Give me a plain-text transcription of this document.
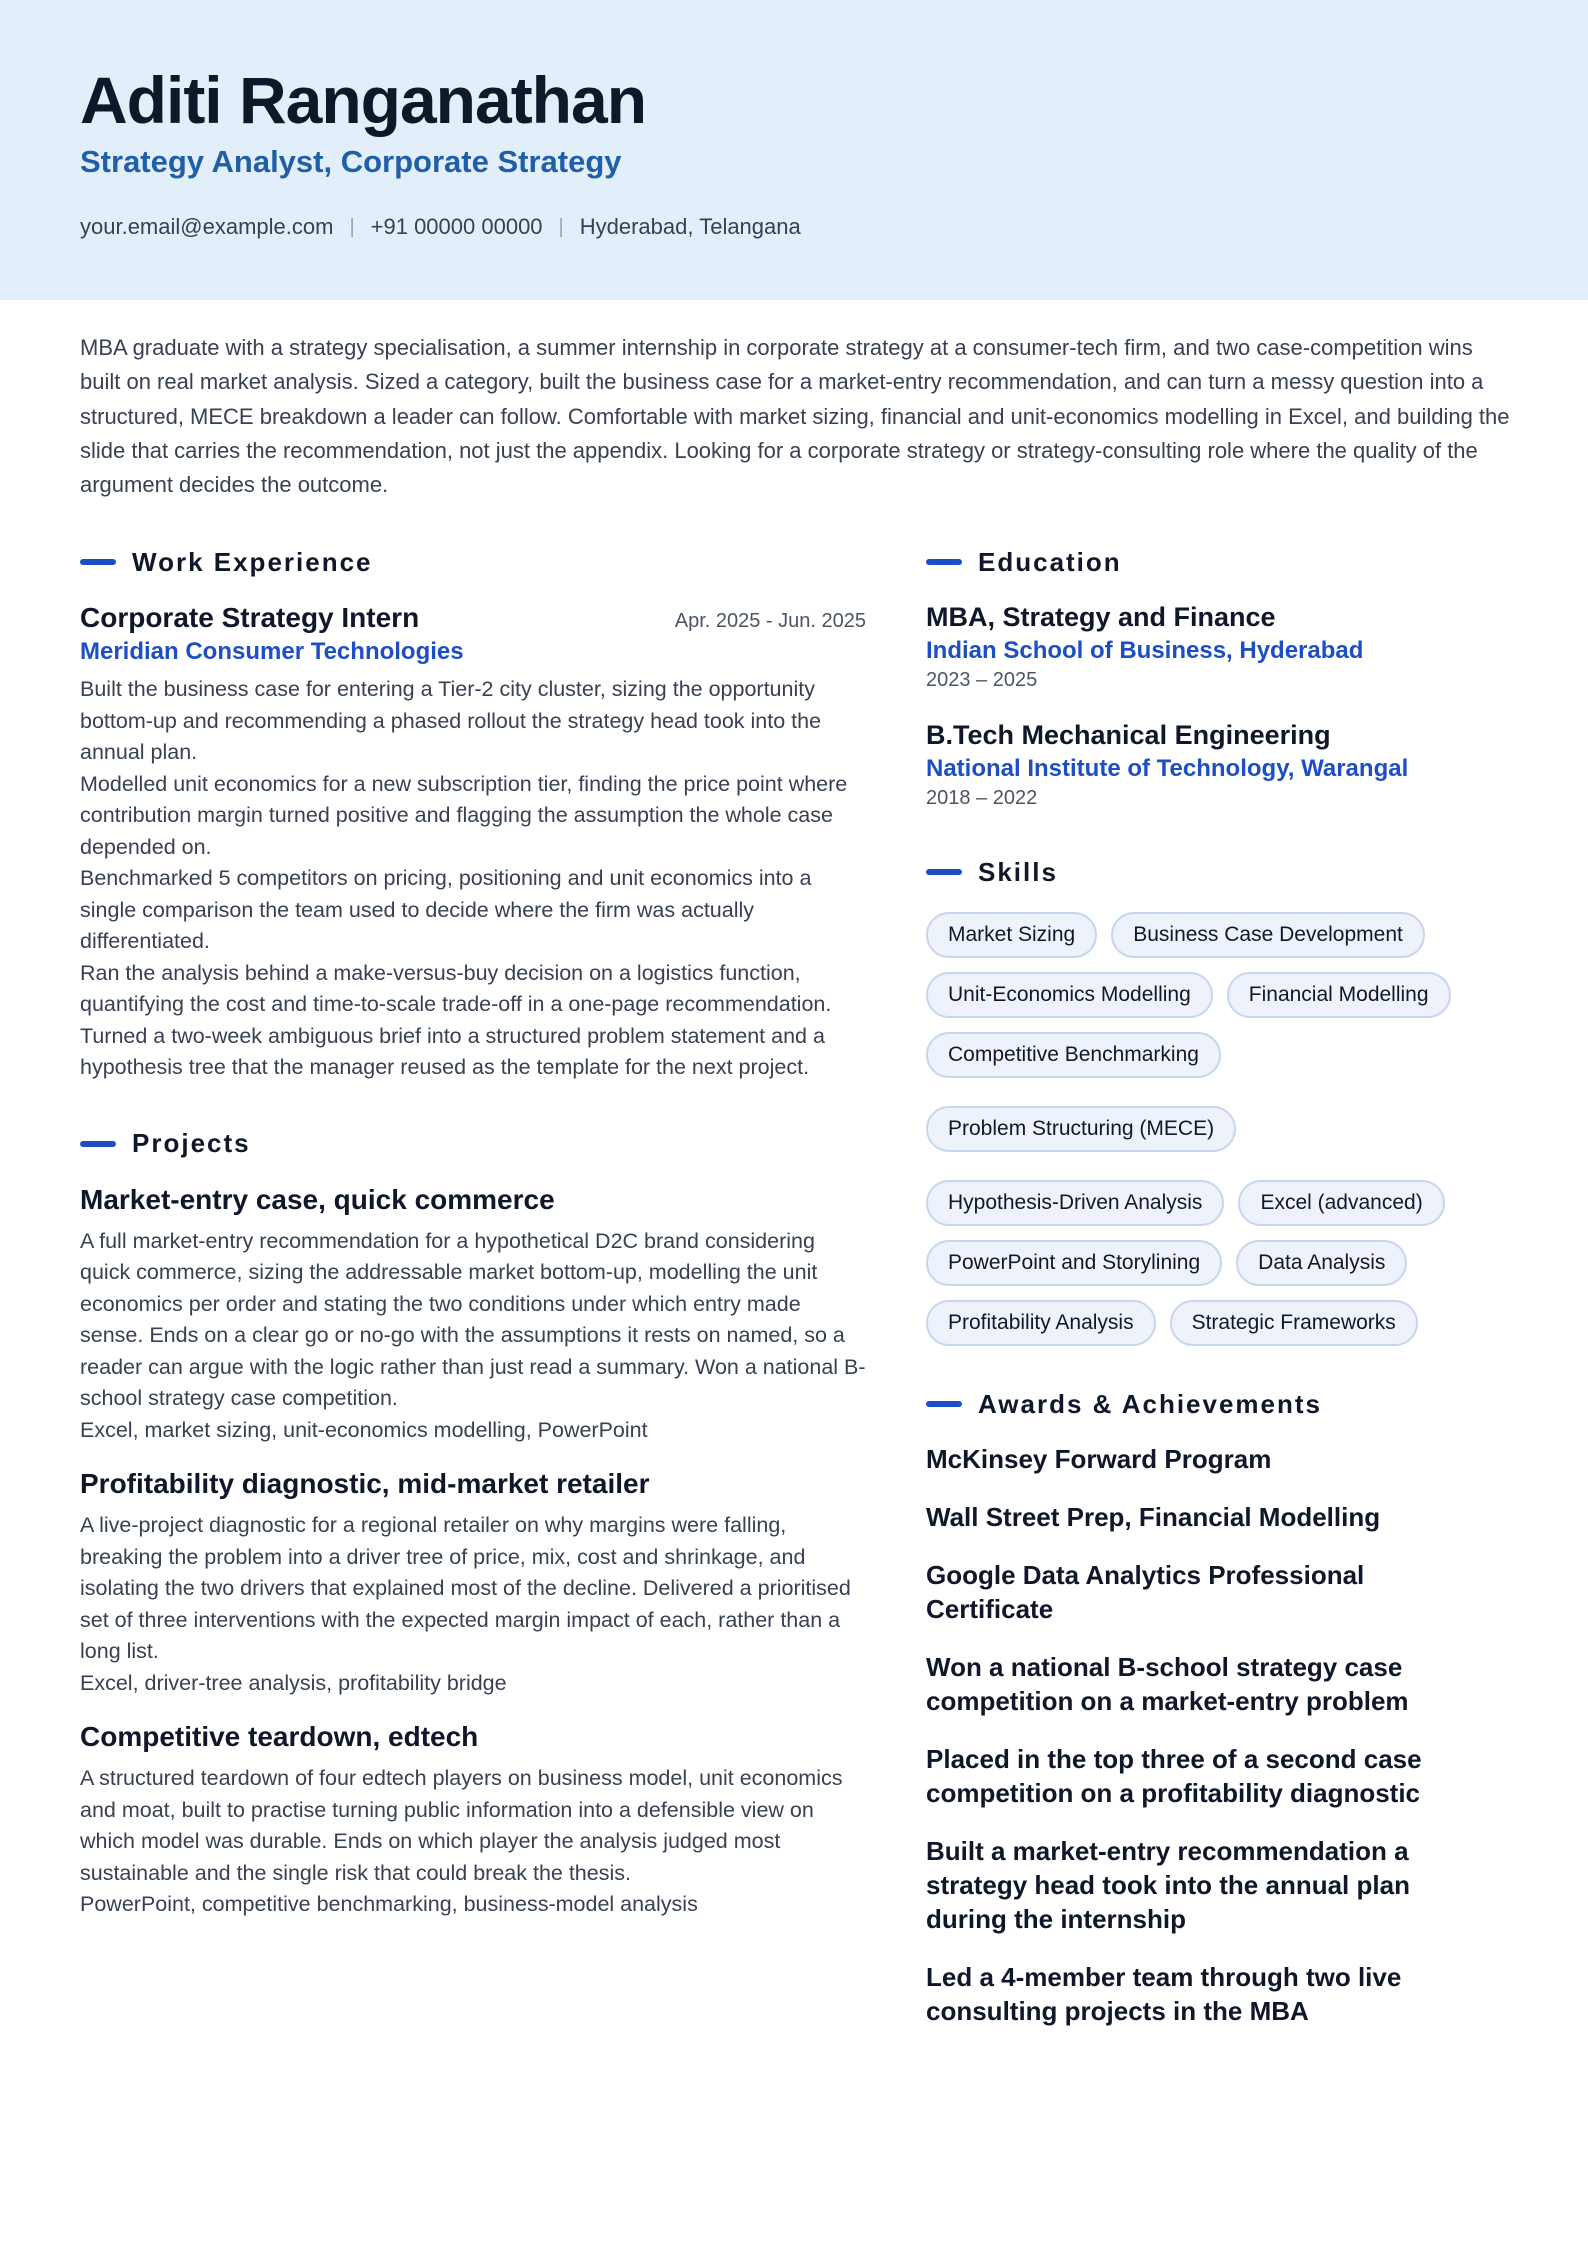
Aditi Ranganathan
Strategy Analyst, Corporate Strategy
your.email@example.com | +91 00000 00000 | Hyderabad, Telangana
MBA graduate with a strategy specialisation, a summer internship in corporate strategy at a consumer-tech firm, and two case-competition wins built on real market analysis. Sized a category, built the business case for a market-entry recommendation, and can turn a messy question into a structured, MECE breakdown a leader can follow. Comfortable with market sizing, financial and unit-economics modelling in Excel, and building the slide that carries the recommendation, not just the appendix. Looking for a corporate strategy or strategy-consulting role where the quality of the argument decides the outcome.
Work Experience
Corporate Strategy Intern	Apr. 2025 - Jun. 2025
Meridian Consumer Technologies
Built the business case for entering a Tier-2 city cluster, sizing the opportunity bottom-up and recommending a phased rollout the strategy head took into the annual plan.
Modelled unit economics for a new subscription tier, finding the price point where contribution margin turned positive and flagging the assumption the whole case depended on.
Benchmarked 5 competitors on pricing, positioning and unit economics into a single comparison the team used to decide where the firm was actually differentiated.
Ran the analysis behind a make-versus-buy decision on a logistics function, quantifying the cost and time-to-scale trade-off in a one-page recommendation.
Turned a two-week ambiguous brief into a structured problem statement and a hypothesis tree that the manager reused as the template for the next project.
Projects
Market-entry case, quick commerce
A full market-entry recommendation for a hypothetical D2C brand considering quick commerce, sizing the addressable market bottom-up, modelling the unit economics per order and stating the two conditions under which entry made sense. Ends on a clear go or no-go with the assumptions it rests on named, so a reader can argue with the logic rather than just read a summary. Won a national B-school strategy case competition.
Excel, market sizing, unit-economics modelling, PowerPoint
Profitability diagnostic, mid-market retailer
A live-project diagnostic for a regional retailer on why margins were falling, breaking the problem into a driver tree of price, mix, cost and shrinkage, and isolating the two drivers that explained most of the decline. Delivered a prioritised set of three interventions with the expected margin impact of each, rather than a long list.
Excel, driver-tree analysis, profitability bridge
Competitive teardown, edtech
A structured teardown of four edtech players on business model, unit economics and moat, built to practise turning public information into a defensible view on which model was durable. Ends on which player the analysis judged most sustainable and the single risk that could break the thesis.
PowerPoint, competitive benchmarking, business-model analysis
Education
MBA, Strategy and Finance
Indian School of Business, Hyderabad
2023 – 2025
B.Tech Mechanical Engineering
National Institute of Technology, Warangal
2018 – 2022
Skills
Market Sizing	Business Case Development
Unit-Economics Modelling	Financial Modelling
Competitive Benchmarking
Problem Structuring (MECE)
Hypothesis-Driven Analysis	Excel (advanced)
PowerPoint and Storylining	Data Analysis
Profitability Analysis	Strategic Frameworks
Awards & Achievements
McKinsey Forward Program
Wall Street Prep, Financial Modelling
Google Data Analytics Professional Certificate
Won a national B-school strategy case competition on a market-entry problem
Placed in the top three of a second case competition on a profitability diagnostic
Built a market-entry recommendation a strategy head took into the annual plan during the internship
Led a 4-member team through two live consulting projects in the MBA
